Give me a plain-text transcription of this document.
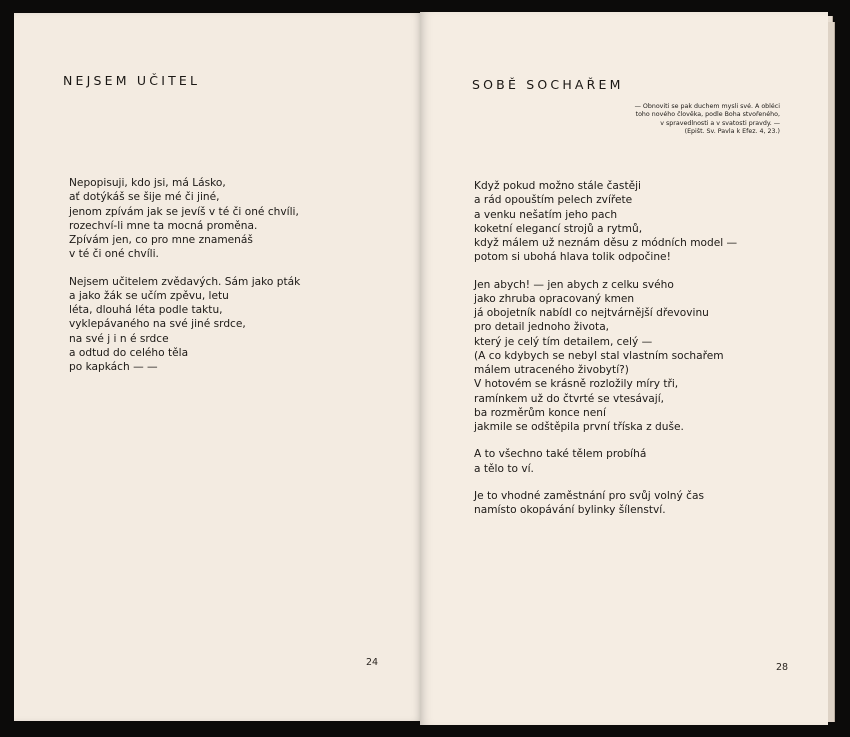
NEJSEM UČITEL
Nepopisuji, kdo jsi, má Lásko,
ať dotýkáš se šije mé či jiné,
jenom zpívám jak se jevíš v té či oné chvíli,
rozechví-li mne ta mocná proměna.
Zpívám jen, co pro mne znamenáš
v té či oné chvíli.
Nejsem učitelem zvědavých. Sám jako pták
a jako žák se učím zpěvu, letu
léta, dlouhá léta podle taktu,
vyklepávaného na své jiné srdce,
na své j i n é srdce
a odtud do celého těla
po kapkách — —
24
SOBĚ SOCHAŘEM
— Obnoviti se pak duchem mysli své. A obléci
toho nového člověka, podle Boha stvořeného,
v spravedlnosti a v svatosti pravdy. —
(Epišt. Sv. Pavla k Efez. 4, 23.)
Když pokud možno stále častěji
a rád opouštím pelech zvířete
a venku nešatím jeho pach
koketní elegancí strojů a rytmů,
když málem už neznám děsu z módních model —
potom si ubohá hlava tolik odpočine!
Jen abych! — jen abych z celku svého
jako zhruba opracovaný kmen
já obojetník nabídl co nejtvárnější dřevovinu
pro detail jednoho života,
který je celý tím detailem, celý —
(A co kdybych se nebyl stal vlastním sochařem
málem utraceného živobytí?)
V hotovém se krásně rozložily míry tři,
ramínkem už do čtvrté se vtesávají,
ba rozměrům konce není
jakmile se odštěpila první tříska z duše.
A to všechno také tělem probíhá
a tělo to ví.
Je to vhodné zaměstnání pro svůj volný čas
namísto okopávání bylinky šílenství.
28
